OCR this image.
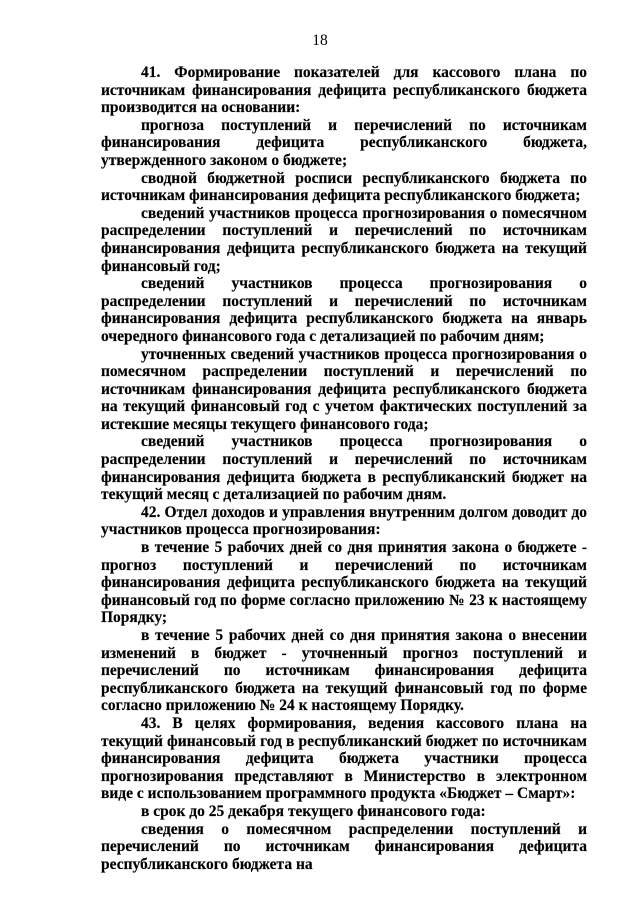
18

41. Формирование показателей для кассового плана по источникам финансирования дефицита республиканского бюджета производится на основании:

прогноза поступлений и перечислений по источникам финансирования дефицита республиканского бюджета, утвержденного законом о бюджете;

сводной бюджетной росписи республиканского бюджета по источникам финансирования дефицита республиканского бюджета;

сведений участников процесса прогнозирования о помесячном распределении поступлений и перечислений по источникам финансирования дефицита республиканского бюджета на текущий финансовый год;

сведений участников процесса прогнозирования о распределении поступлений и перечислений по источникам финансирования дефицита республиканского бюджета на январь очередного финансового года с детализацией по рабочим дням;

уточненных сведений участников процесса прогнозирования о помесячном распределении поступлений и перечислений по источникам финансирования дефицита республиканского бюджета на текущий финансовый год с учетом фактических поступлений за истекшие месяцы текущего финансового года;

сведений участников процесса прогнозирования о распределении поступлений и перечислений по источникам финансирования дефицита бюджета в республиканский бюджет на текущий месяц с детализацией по рабочим дням.

42. Отдел доходов и управления внутренним долгом доводит до участников процесса прогнозирования:

в течение 5 рабочих дней со дня принятия закона о бюджете - прогноз поступлений и перечислений по источникам финансирования дефицита республиканского бюджета на текущий финансовый год по форме согласно приложению № 23 к настоящему Порядку;

в течение 5 рабочих дней со дня принятия закона о внесении изменений в бюджет - уточненный прогноз поступлений и перечислений по источникам финансирования дефицита республиканского бюджета на текущий финансовый год по форме согласно приложению № 24 к настоящему Порядку.

43. В целях формирования, ведения кассового плана на текущий финансовый год в республиканский бюджет по источникам финансирования дефицита бюджета участники процесса прогнозирования представляют в Министерство в электронном виде с использованием программного продукта «Бюджет – Смарт»:

в срок до 25 декабря текущего финансового года:

сведения о помесячном распределении поступлений и перечислений по источникам финансирования дефицита республиканского бюджета на
